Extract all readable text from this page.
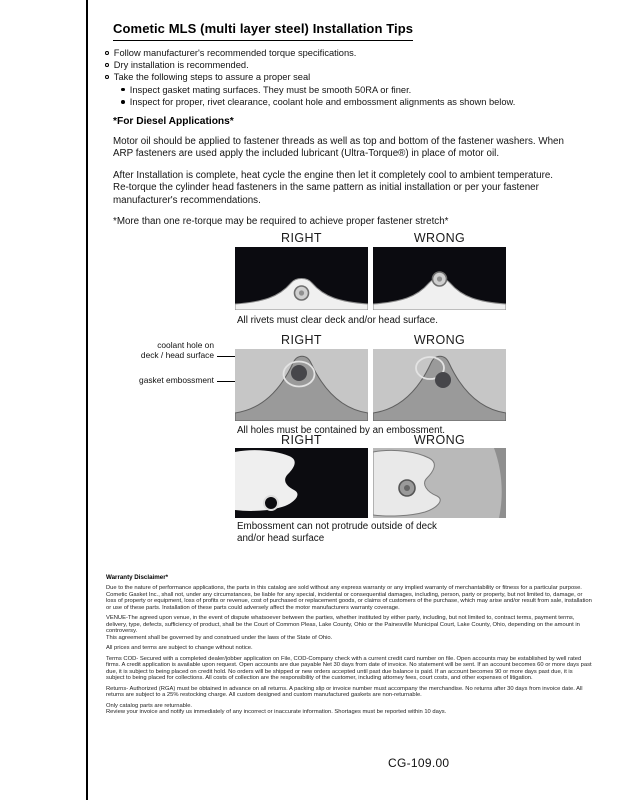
Cometic MLS (multi layer steel) Installation Tips
Follow manufacturer's recommended torque specifications.
Dry installation is recommended.
Take the following steps to assure a proper seal
Inspect gasket mating surfaces. They must be smooth 50RA or finer.
Inspect for proper, rivet clearance, coolant hole and embossment alignments as shown below.
*For Diesel Applications*

Motor oil should be applied to fastener threads as well as top and bottom of the fastener washers. When ARP fasteners are used apply the included lubricant (Ultra-Torque®) in place of motor oil.

After Installation is complete, heat cycle the engine then let it completely cool to ambient temperature. Re-torque the cylinder head fasteners in the same pattern as initial installation or per your fastener manufacturer's recommendations.

*More than one re-torque may be required to achieve proper fastener stretch*

RIGHT	WRONG
All rivets must clear deck and/or head surface.
coolant hole on
deck / head surface
gasket embossment
RIGHT	WRONG
All holes must be contained by an embossment.
RIGHT	WRONG
Embossment can not protrude outside of deck and/or head surface
Warranty Disclaimer*

Due to the nature of performance applications, the parts in this catalog are sold without any express warranty or any implied warranty of merchantability or fitness for a particular purpose. Cometic Gasket Inc., shall not, under any circumstances, be liable for any special, incidental or consequential damages, including, person, party or property, but not limited to, damage, or loss of property or equipment, loss of profits or revenue, cost of purchased or replacement goods, or claims of customers of the purchase, which may arise and/or result from sale, installation or use of these parts. Installation of these parts could adversely affect the motor manufacturers warranty coverage.

VENUE-The agreed upon venue, in the event of dispute whatsoever between the parties, whether instituted by either party, including, but not limited to, contract terms, payment terms, delivery, type, defects, sufficiency of product, shall be the Court of Common Pleas, Lake County, Ohio or the Painesville Municipal Court, Lake County, Ohio, depending on the amount in controversy.

This agreement shall be governed by and construed under the laws of the State of Ohio.

All prices and terms are subject to change without notice.

Terms COD- Secured with a completed dealer/jobber application on File, COD-Company check with a current credit card number on file. Open accounts may be established by well rated firms. A credit application is available upon request. Open accounts are due payable Net 30 days from date of invoice. No statement will be sent. If an account becomes 60 or more days past due, it is subject to being placed on credit hold. No orders will be shipped or new orders accepted until past due balance is paid. If an account becomes 90 or more days past due, it is subject to being placed for collections. All costs of collection are the responsibility of the customer, including attorney fees, court costs, and other expenses of litigation.

Returns- Authorized (RGA) must be obtained in advance on all returns. A packing slip or invoice number must accompany the merchandise. No returns after 30 days from invoice date. All returns are subject to a 25% restocking charge. All custom designed and custom manufactured gaskets are non-returnable.

Only catalog parts are returnable.

Review your invoice and notify us immediately of any incorrect or inaccurate information. Shortages must be reported within 10 days.

CG-109.00
